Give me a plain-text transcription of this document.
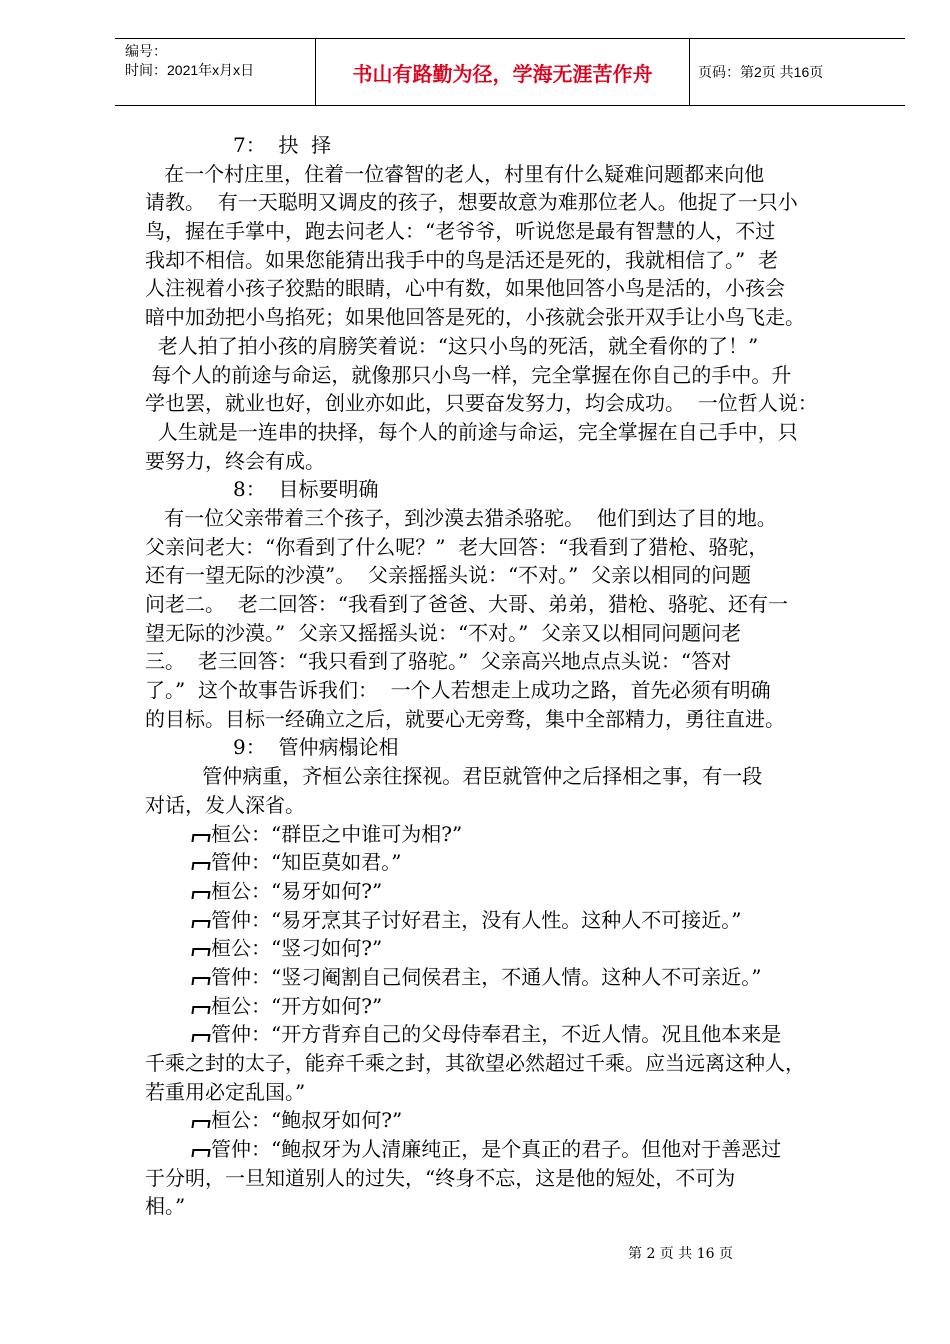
编号：
时间：2021年x月x日	书山有路勤为径，学海无涯苦作舟	页码：第2页 共16页
7：  抉  择
在一个村庄里，住着一位睿智的老人，村里有什么疑难问题都来向他
请教。  有一天聪明又调皮的孩子，想要故意为难那位老人。他捉了一只小
鸟，握在手掌中，跑去问老人：“老爷爷，听说您是最有智慧的人，不过
我却不相信。如果您能猜出我手中的鸟是活还是死的，我就相信了。”  老
人注视着小孩子狡黠的眼睛，心中有数，如果他回答小鸟是活的，小孩会
暗中加劲把小鸟掐死；如果他回答是死的，小孩就会张开双手让小鸟飞走。
老人拍了拍小孩的肩膀笑着说：“这只小鸟的死活，就全看你的了！”
每个人的前途与命运，就像那只小鸟一样，完全掌握在你自己的手中。升
学也罢，就业也好，创业亦如此，只要奋发努力，均会成功。  一位哲人说：
人生就是一连串的抉择，每个人的前途与命运，完全掌握在自己手中，只
要努力，终会有成。
8：  目标要明确
有一位父亲带着三个孩子，到沙漠去猎杀骆驼。  他们到达了目的地。
父亲问老大：“你看到了什么呢？”  老大回答：“我看到了猎枪、骆驼，
还有一望无际的沙漠”。  父亲摇摇头说：“不对。”  父亲以相同的问题
问老二。  老二回答：“我看到了爸爸、大哥、弟弟，猎枪、骆驼、还有一
望无际的沙漠。”  父亲又摇摇头说：“不对。”  父亲又以相同问题问老
三。  老三回答：“我只看到了骆驼。”  父亲高兴地点点头说：“答对
了。”  这个故事告诉我们：  一个人若想走上成功之路，首先必须有明确
的目标。目标一经确立之后，就要心无旁骛，集中全部精力，勇往直进。
9：  管仲病榻论相
管仲病重，齐桓公亲往探视。君臣就管仲之后择相之事，有一段
对话，发人深省。
桓公：“群臣之中谁可为相?”
管仲：“知臣莫如君。”
桓公：“易牙如何?”
管仲：“易牙烹其子讨好君主，没有人性。这种人不可接近。”
桓公：“竖刁如何?”
管仲：“竖刁阉割自己伺侯君主，不通人情。这种人不可亲近。”
桓公：“开方如何?”
管仲：“开方背弃自己的父母侍奉君主，不近人情。况且他本来是
千乘之封的太子，能弃千乘之封，其欲望必然超过千乘。应当远离这种人，
若重用必定乱国。”
桓公：“鲍叔牙如何?”
管仲：“鲍叔牙为人清廉纯正，是个真正的君子。但他对于善恶过
于分明，一旦知道别人的过失，“终身不忘，这是他的短处，不可为
相。”
第 2 页 共 16 页
